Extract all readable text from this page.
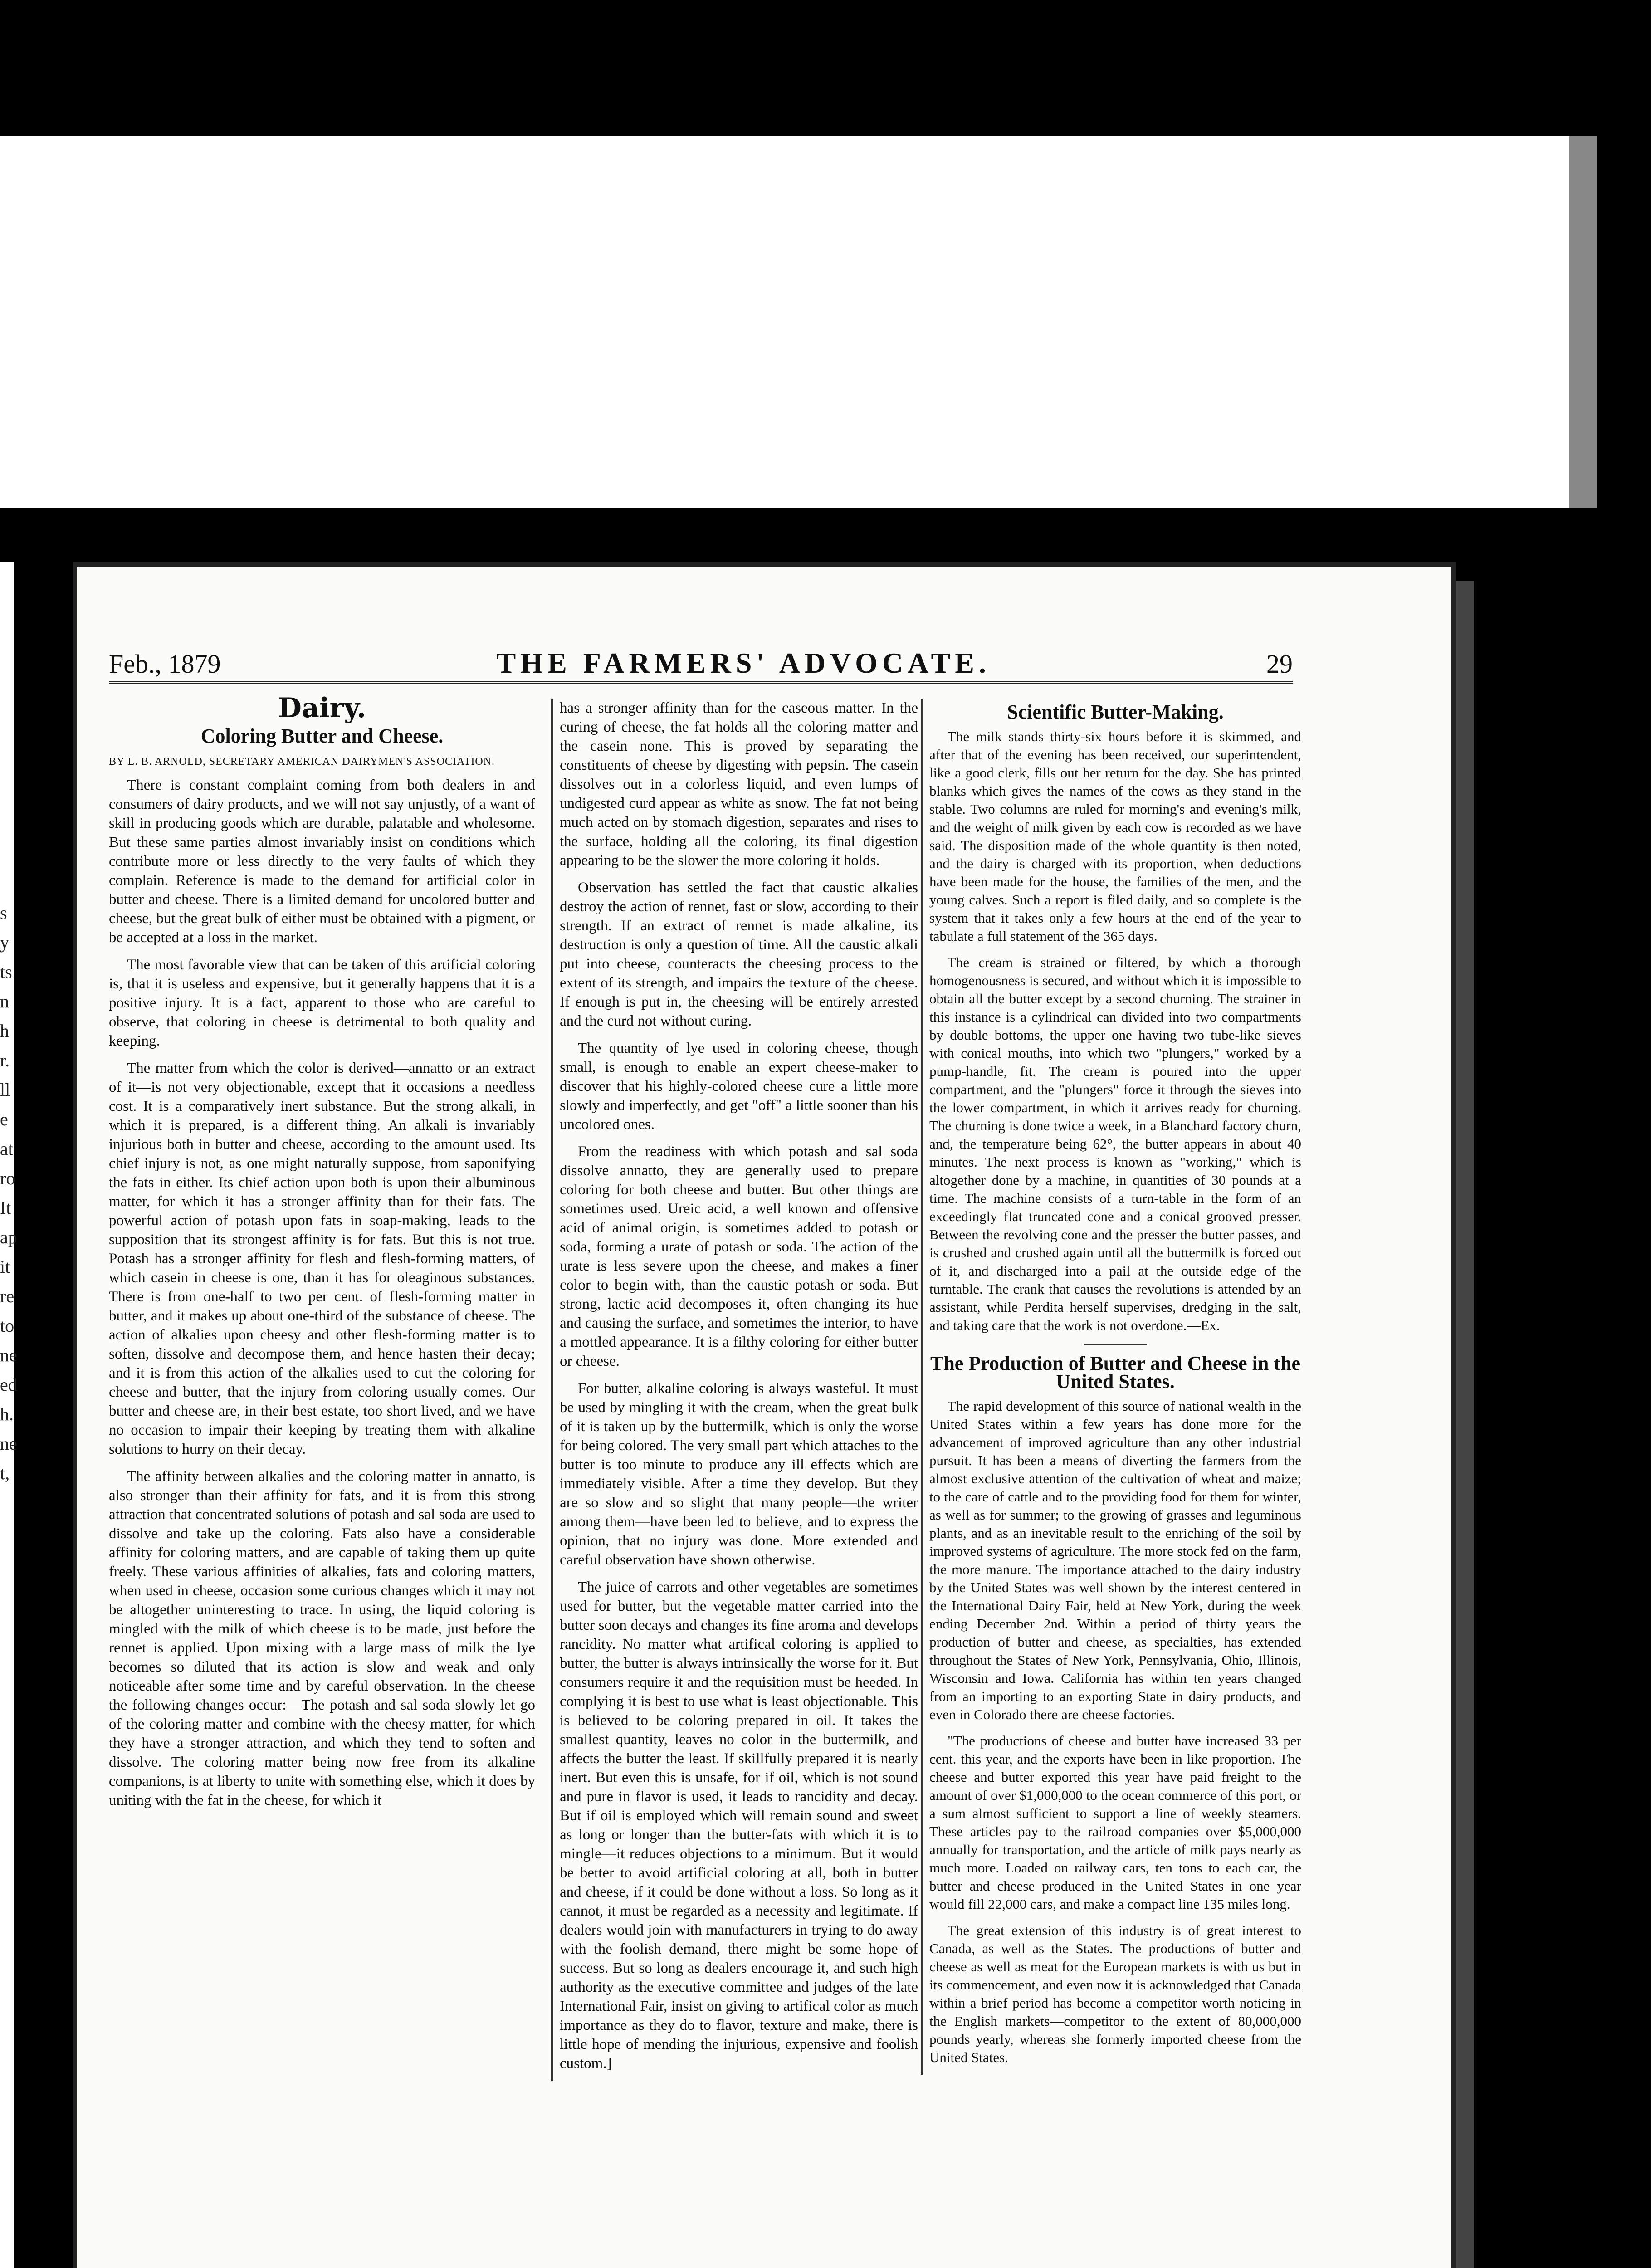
s
y
ts
n
h
r.
ll
e
at
ro
It
ap
it
re
to
ne
ed
h.
ne
t,
Feb., 1879	THE FARMERS' ADVOCATE.	29
Dairy.
Coloring Butter and Cheese.
BY L. B. ARNOLD, SECRETARY AMERICAN DAIRYMEN'S ASSOCIATION.

There is constant complaint coming from both dealers in and consumers of dairy products, and we will not say unjustly, of a want of skill in producing goods which are durable, palatable and wholesome. But these same parties almost invariably insist on conditions which contribute more or less directly to the very faults of which they complain. Reference is made to the demand for artificial color in butter and cheese. There is a limited demand for uncolored butter and cheese, but the great bulk of either must be obtained with a pigment, or be accepted at a loss in the market.

The most favorable view that can be taken of this artificial coloring is, that it is useless and expensive, but it generally happens that it is a positive injury. It is a fact, apparent to those who are careful to observe, that coloring in cheese is detrimental to both quality and keeping.

The matter from which the color is derived—annatto or an extract of it—is not very objectionable, except that it occasions a needless cost. It is a comparatively inert substance. But the strong alkali, in which it is prepared, is a different thing. An alkali is invariably injurious both in butter and cheese, according to the amount used. Its chief injury is not, as one might naturally suppose, from saponifying the fats in either. Its chief action upon both is upon their albuminous matter, for which it has a stronger affinity than for their fats. The powerful action of potash upon fats in soap-making, leads to the supposition that its strongest affinity is for fats. But this is not true. Potash has a stronger affinity for flesh and flesh-forming matters, of which casein in cheese is one, than it has for oleaginous substances. There is from one-half to two per cent. of flesh-forming matter in butter, and it makes up about one-third of the substance of cheese. The action of alkalies upon cheesy and other flesh-forming matter is to soften, dissolve and decompose them, and hence hasten their decay; and it is from this action of the alkalies used to cut the coloring for cheese and butter, that the injury from coloring usually comes. Our butter and cheese are, in their best estate, too short lived, and we have no occasion to impair their keeping by treating them with alkaline solutions to hurry on their decay.

The affinity between alkalies and the coloring matter in annatto, is also stronger than their affinity for fats, and it is from this strong attraction that concentrated solutions of potash and sal soda are used to dissolve and take up the coloring. Fats also have a considerable affinity for coloring matters, and are capable of taking them up quite freely. These various affinities of alkalies, fats and coloring matters, when used in cheese, occasion some curious changes which it may not be altogether uninteresting to trace. In using, the liquid coloring is mingled with the milk of which cheese is to be made, just before the rennet is applied. Upon mixing with a large mass of milk the lye becomes so diluted that its action is slow and weak and only noticeable after some time and by careful observation. In the cheese the following changes occur:—The potash and sal soda slowly let go of the coloring matter and combine with the cheesy matter, for which they have a stronger attraction, and which they tend to soften and dissolve. The coloring matter being now free from its alkaline companions, is at liberty to unite with something else, which it does by uniting with the fat in the cheese, for which it

has a stronger affinity than for the caseous matter. In the curing of cheese, the fat holds all the coloring matter and the casein none. This is proved by separating the constituents of cheese by digesting with pepsin. The casein dissolves out in a colorless liquid, and even lumps of undigested curd appear as white as snow. The fat not being much acted on by stomach digestion, separates and rises to the surface, holding all the coloring, its final digestion appearing to be the slower the more coloring it holds.

Observation has settled the fact that caustic alkalies destroy the action of rennet, fast or slow, according to their strength. If an extract of rennet is made alkaline, its destruction is only a question of time. All the caustic alkali put into cheese, counteracts the cheesing process to the extent of its strength, and impairs the texture of the cheese. If enough is put in, the cheesing will be entirely arrested and the curd not without curing.

The quantity of lye used in coloring cheese, though small, is enough to enable an expert cheese-maker to discover that his highly-colored cheese cure a little more slowly and imperfectly, and get "off" a little sooner than his uncolored ones.

From the readiness with which potash and sal soda dissolve annatto, they are generally used to prepare coloring for both cheese and butter. But other things are sometimes used. Ureic acid, a well known and offensive acid of animal origin, is sometimes added to potash or soda, forming a urate of potash or soda. The action of the urate is less severe upon the cheese, and makes a finer color to begin with, than the caustic potash or soda. But strong, lactic acid decomposes it, often changing its hue and causing the surface, and sometimes the interior, to have a mottled appearance. It is a filthy coloring for either butter or cheese.

For butter, alkaline coloring is always wasteful. It must be used by mingling it with the cream, when the great bulk of it is taken up by the buttermilk, which is only the worse for being colored. The very small part which attaches to the butter is too minute to produce any ill effects which are immediately visible. After a time they develop. But they are so slow and so slight that many people—the writer among them—have been led to believe, and to express the opinion, that no injury was done. More extended and careful observation have shown otherwise.

The juice of carrots and other vegetables are sometimes used for butter, but the vegetable matter carried into the butter soon decays and changes its fine aroma and develops rancidity. No matter what artifical coloring is applied to butter, the butter is always intrinsically the worse for it. But consumers require it and the requisition must be heeded. In complying it is best to use what is least objectionable. This is believed to be coloring prepared in oil. It takes the smallest quantity, leaves no color in the buttermilk, and affects the butter the least. If skillfully prepared it is nearly inert. But even this is unsafe, for if oil, which is not sound and pure in flavor is used, it leads to rancidity and decay. But if oil is employed which will remain sound and sweet as long or longer than the butter-fats with which it is to mingle—it reduces objections to a minimum. But it would be better to avoid artificial coloring at all, both in butter and cheese, if it could be done without a loss. So long as it cannot, it must be regarded as a necessity and legitimate. If dealers would join with manufacturers in trying to do away with the foolish demand, there might be some hope of success. But so long as dealers encourage it, and such high authority as the executive committee and judges of the late International Fair, insist on giving to artifical color as much importance as they do to flavor, texture and make, there is little hope of mending the injurious, expensive and foolish custom.]

Scientific Butter-Making.

The milk stands thirty-six hours before it is skimmed, and after that of the evening has been received, our superintendent, like a good clerk, fills out her return for the day. She has printed blanks which gives the names of the cows as they stand in the stable. Two columns are ruled for morning's and evening's milk, and the weight of milk given by each cow is recorded as we have said. The disposition made of the whole quantity is then noted, and the dairy is charged with its proportion, when deductions have been made for the house, the families of the men, and the young calves. Such a report is filed daily, and so complete is the system that it takes only a few hours at the end of the year to tabulate a full statement of the 365 days.

The cream is strained or filtered, by which a thorough homogenousness is secured, and without which it is impossible to obtain all the butter except by a second churning. The strainer in this instance is a cylindrical can divided into two compartments by double bottoms, the upper one having two tube-like sieves with conical mouths, into which two "plungers," worked by a pump-handle, fit. The cream is poured into the upper compartment, and the "plungers" force it through the sieves into the lower compartment, in which it arrives ready for churning. The churning is done twice a week, in a Blanchard factory churn, and, the temperature being 62°, the butter appears in about 40 minutes. The next process is known as "working," which is altogether done by a machine, in quantities of 30 pounds at a time. The machine consists of a turn-table in the form of an exceedingly flat truncated cone and a conical grooved presser. Between the revolving cone and the presser the butter passes, and is crushed and crushed again until all the buttermilk is forced out of it, and discharged into a pail at the outside edge of the turntable. The crank that causes the revolutions is attended by an assistant, while Perdita herself supervises, dredging in the salt, and taking care that the work is not overdone.—Ex.

The Production of Butter and Cheese in the United States.

The rapid development of this source of national wealth in the United States within a few years has done more for the advancement of improved agriculture than any other industrial pursuit. It has been a means of diverting the farmers from the almost exclusive attention of the cultivation of wheat and maize; to the care of cattle and to the providing food for them for winter, as well as for summer; to the growing of grasses and leguminous plants, and as an inevitable result to the enriching of the soil by improved systems of agriculture. The more stock fed on the farm, the more manure. The importance attached to the dairy industry by the United States was well shown by the interest centered in the International Dairy Fair, held at New York, during the week ending December 2nd. Within a period of thirty years the production of butter and cheese, as specialties, has extended throughout the States of New York, Pennsylvania, Ohio, Illinois, Wisconsin and Iowa. California has within ten years changed from an importing to an exporting State in dairy products, and even in Colorado there are cheese factories.

"The productions of cheese and butter have increased 33 per cent. this year, and the exports have been in like proportion. The cheese and butter exported this year have paid freight to the amount of over $1,000,000 to the ocean commerce of this port, or a sum almost sufficient to support a line of weekly steamers. These articles pay to the railroad companies over $5,000,000 annually for transportation, and the article of milk pays nearly as much more. Loaded on railway cars, ten tons to each car, the butter and cheese produced in the United States in one year would fill 22,000 cars, and make a compact line 135 miles long.

The great extension of this industry is of great interest to Canada, as well as the States. The productions of butter and cheese as well as meat for the European markets is with us but in its commencement, and even now it is acknowledged that Canada within a brief period has become a competitor worth noticing in the English markets—competitor to the extent of 80,000,000 pounds yearly, whereas she formerly imported cheese from the United States.
